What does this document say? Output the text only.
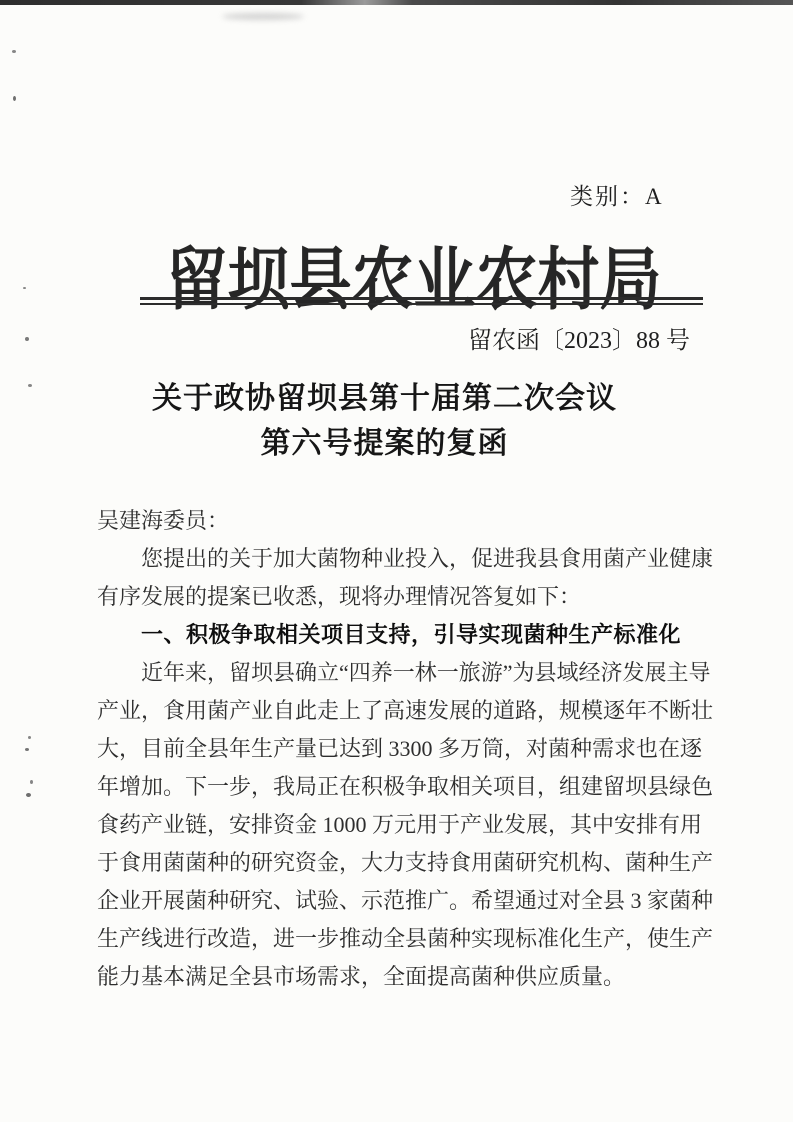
类别：A
留坝县农业农村局
留农函〔2023〕88 号
关于政协留坝县第十届第二次会议
第六号提案的复函
吴建海委员：
您提出的关于加大菌物种业投入，促进我县食用菌产业健康
有序发展的提案已收悉，现将办理情况答复如下：
一、积极争取相关项目支持，引导实现菌种生产标准化
近年来，留坝县确立“四养一林一旅游”为县域经济发展主导
产业，食用菌产业自此走上了高速发展的道路，规模逐年不断壮
大，目前全县年生产量已达到 3300 多万筒，对菌种需求也在逐
年增加。下一步，我局正在积极争取相关项目，组建留坝县绿色
食药产业链，安排资金 1000 万元用于产业发展，其中安排有用
于食用菌菌种的研究资金，大力支持食用菌研究机构、菌种生产
企业开展菌种研究、试验、示范推广。希望通过对全县 3 家菌种
生产线进行改造，进一步推动全县菌种实现标准化生产，使生产
能力基本满足全县市场需求，全面提高菌种供应质量。
